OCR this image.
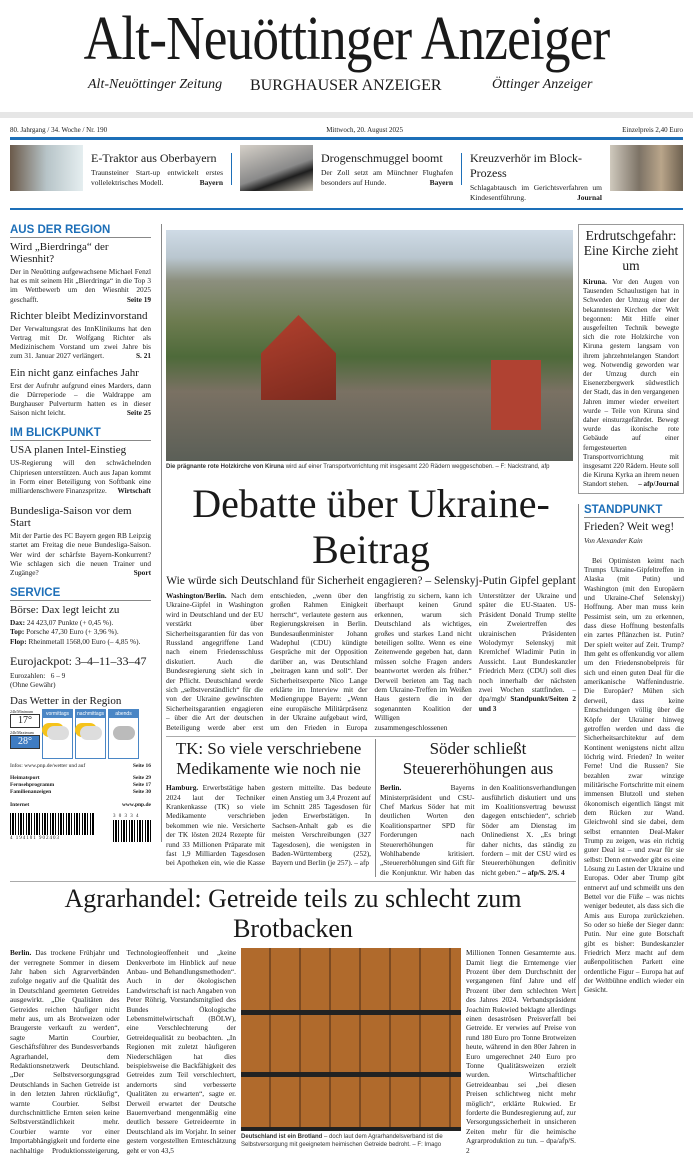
Alt-Neuöttinger Anzeiger
Alt-Neuöttinger Zeitung BURGHAUSER ANZEIGER	Öttinger Anzeiger
80. Jahrgang / 34. Woche / Nr. 190	Mittwoch, 20. August 2025	Einzelpreis 2,40 Euro
E-Traktor aus Oberbayern

Traunsteiner Start-up entwickelt erstes vollelektrisches Modell.	Bayern

Drogenschmuggel boomt

Der Zoll setzt am Münchner Flughafen besonders auf Hunde.	Bayern

Kreuzverhör im Block-Prozess

Schlagabtausch im Gerichtsverfahren um Kindesentführung.	Journal

AUS DER REGION
Wird „Bierdringa“ der Wiesnhit?

Der in Neuötting aufgewachsene Michael Fenzl hat es mit seinem Hit „Bierdringa“ in die Top 3 im Wettbewerb um den Wiesnhit 2025 geschafft.	Seite 19

Richter bleibt Medizinvorstand

Der Verwaltungsrat des InnKlinikums hat den Vertrag mit Dr. Wolfgang Richter als Medizinischem Vorstand um zwei Jahre bis zum 31. Januar 2027 verlängert.	S. 21

Ein nicht ganz einfaches Jahr

Erst der Aufruhr aufgrund eines Marders, dann die Dürreperiode – die Waldrappe am Burghauser Pulverturm hatten es in dieser Saison nicht leicht.	Seite 25

IM BLICKPUNKT
USA planen Intel-Einstieg

US-Regierung will den schwächelnden Chipriesen unterstützen. Auch aus Japan kommt in Form einer Beteiligung von Softbank eine milliardenschwere Finanzspritze. Wirtschaft

Bundesliga-Saison vor dem Start

Mit der Partie des FC Bayern gegen RB Leipzig startet am Freitag die neue Bundesliga-Saison. Wer wird der schärfste Bayern-Konkurrent? Wie schlagen sich die neuen Trainer und Zugänge?	Sport

SERVICE
Börse: Dax legt leicht zu
Dax: 24 423,07 Punkte (+ 0,45 %).
Top: Porsche 47,30 Euro (+ 3,96 %).
Flop: Rheinmetall 1568,00 Euro (– 4,85 %).
Eurojackpot: 3–4–11–33–47
Eurozahlen:   6 – 9
(Ohne Gewähr)
Das Wetter in der Region
24h/Minimum
17°
24h/Maximum
28°
vormittags	nachmittags	abends
Infos: www.pnp.de/wetter und auf	Seite 16
Heimatsport	Seite 29
Fernsehprogramm	Seite 17
Familienanzeigen	Seite 30
Internet	www.pnp.de
4 194101 902403
3 0 3 3 4
Die prägnante rote Holzkirche von Kiruna wird auf einer Transportvorrichtung mit insgesamt 220 Rädern weggeschoben. – F: Nackstrand, afp
Debatte über Ukraine-Beitrag
Wie würde sich Deutschland für Sicherheit engagieren? – Selenskyj-Putin Gipfel geplant
Washington/Berlin. Nach dem Ukraine-Gipfel in Washington wird in Deutschland und der EU verstärkt über Sicherheitsgarantien für das von Russland angegriffene Land nach einem Friedensschluss diskutiert. Auch die Bundesregierung sieht sich in der Pflicht. Deutschland werde sich „selbstverständlich“ für die von der Ukraine gewünschten Sicherheitsgarantien engagieren – über die Art der deutschen Beteiligung werde aber erst entschieden, „wenn über den großen Rahmen Einigkeit herrscht“, verlautete gestern aus Regierungskreisen in Berlin. Bundesaußenminister Johann Wadephul (CDU) kündigte Gespräche mit der Opposition darüber an, was Deutschland „beitragen kann und soll“. Der Sicherheitsexperte Nico Lange erklärte im Interview mit der Mediengruppe Bayern: „Wenn eine europäische Militärpräsenz in der Ukraine aufgebaut wird, um den Frieden in Europa langfristig zu sichern, kann ich überhaupt keinen Grund erkennen, warum sich Deutschland als wichtiges, großes und starkes Land nicht beteiligen sollte. Wenn es eine Zeitenwende gegeben hat, dann müssen solche Fragen anders beantwortet werden als früher.“ Derweil berieten am Tag nach dem Ukraine-Treffen im Weißen Haus gestern die in der sogenannten Koalition der Willigen zusammengeschlossenen Unterstützer der Ukraine und später die EU-Staaten. US-Präsident Donald Trump stellte ein Zweiertreffen des ukrainischen Präsidenten Wolodymyr Selenskyj mit Kremlchef Wladimir Putin in Aussicht. Laut Bundeskanzler Friedrich Merz (CDU) soll dies noch innerhalb der nächsten zwei Wochen stattfinden. – dpa/mgb/ Standpunkt/Seiten 2 und 3
TK: So viele verschriebene Medikamente wie noch nie
Hamburg. Erwerbstätige haben 2024 laut der Techniker Krankenkasse (TK) so viele Medikamente verschrieben bekommen wie nie. Versicherte der TK lösten 2024 Rezepte für rund 33 Millionen Präparate mit fast 1,9 Milliarden Tagesdosen bei Apotheken ein, wie die Kasse gestern mitteilte. Das bedeute einen Anstieg um 3,4 Prozent auf im Schnitt 285 Tagesdosen für jeden Erwerbstätigen. In Sachsen-Anhalt gab es die meisten Verschreibungen (327 Tagesdosen), die wenigsten in Baden-Württemberg (252), Bayern und Berlin (je 257). – afp
Söder schließt Steuererhöhungen aus
Berlin. Bayerns Ministerpräsident und CSU-Chef Markus Söder hat mit deutlichen Worten den Koalitionspartner SPD für Forderungen nach Steuererhöhungen für Wohlhabende kritisiert. „Steuererhöhungen sind Gift für die Konjunktur. Wir haben das in den Koalitionsverhandlungen ausführlich diskutiert und uns im Koalitionsvertrag bewusst dagegen entschieden“, schrieb Söder am Dienstag im Onlinedienst X. „Es bringt daher nichts, das ständig zu fordern – mit der CSU wird es Steuererhöhungen definitiv nicht geben.“ – afp/S. 2/S. 4
Agrarhandel: Getreide teils zu schlecht zum Brotbacken
Berlin. Das trockene Frühjahr und der verregnete Sommer in diesem Jahr haben sich Agrarverbänden zufolge negativ auf die Qualität des in Deutschland geernteten Getreides ausgewirkt. „Die Qualitäten des Getreides reichen häufiger nicht mehr aus, um als Brotweizen oder Braugerste verkauft zu werden“, sagte Martin Courbier, Geschäftsführer des Bundesverbands Agrarhandel, dem Redaktionsnetzwerk Deutschland. „Der Selbstversorgungsgrad Deutschlands in Sachen Getreide ist in den letzten Jahren rückläufig“, warnte Courbier. Selbst durchschnittliche Ernten seien keine Selbstverständlichkeit mehr. Courbier warnte vor einer Importabhängigkeit und forderte eine nachhaltige Produktionssteigerung, Technologieoffenheit und „keine Denkverbote im Hinblick auf neue Anbau- und Behandlungsmethoden“. Auch in der ökologischen Landwirtschaft ist nach Angaben von Peter Röhrig, Vorstandsmitglied des Bundes Ökologische Lebensmittelwirtschaft (BÖLW), eine Verschlechterung der Getreidequalität zu beobachten. „In Regionen mit zuletzt häufigeren Niederschlägen hat dies beispielsweise die Backfähigkeit des Getreides zum Teil verschlechtert, andernorts sind verbesserte Qualitäten zu erwarten“, sagte er. Derweil erwartet der Deutsche Bauernverband mengenmäßig eine deutlich bessere Getreideernte in Deutschland als im Vorjahr. In seiner gestern vorgestellten Ernteschätzung geht er von 43,5
Deutschland ist ein Brotland – doch laut dem Agrarhandelsverband ist die Selbstversorgung mit geeignetem heimischen Getreide bedroht. – F: Imago
Millionen Tonnen Gesamternte aus. Damit liegt die Erntemenge vier Prozent über dem Durchschnitt der vergangenen fünf Jahre und elf Prozent über dem schlechten Wert des Jahres 2024. Verbandspräsident Joachim Rukwied beklagte allerdings einen desaströsen Preisverfall bei Getreide. Er verwies auf Preise von rund 180 Euro pro Tonne Brotweizen heute, während in den 80er Jahren in Euro umgerechnet 240 Euro pro Tonne Qualitätsweizen erzielt wurden. Wirtschaftlicher Getreideanbau sei „bei diesen Preisen schlichtweg nicht mehr möglich“, erklärte Rukwied. Er forderte die Bundesregierung auf, zur Versorgungssicherheit in unsicheren Zeiten mehr für die heimische Agrarproduktion zu tun. – dpa/afp/S. 2
Erdrutschgefahr: Eine Kirche zieht um

Kiruna. Vor den Augen von Tausenden Schaulustigen hat in Schweden der Umzug einer der bekanntesten Kirchen der Welt begonnen: Mit Hilfe einer ausgefeilten Technik bewegte sich die rote Holzkirche von Kiruna gestern langsam von ihrem jahrzehntelangen Standort weg. Notwendig geworden war der Umzug durch ein Eisenerzbergwerk südwestlich der Stadt, das in den vergangenen Jahren immer wieder erweitert wurde – Teile von Kiruna sind daher einsturzgefährdet. Bewegt wurde das ikonische rote Gebäude auf einer ferngesteuerten Transportvorrichtung mit insgesamt 220 Rädern. Heute soll die Kiruna Kyrka an ihrem neuen Standort stehen. – afp/Journal

STANDPUNKT
Frieden? Weit weg!
Von Alexander Kain

Bei Optimisten keimt nach Trumps Ukraine-Gipfeltreffen in Alaska (mit Putin) und Washington (mit den Europäern und Ukraine-Chef Selenskyj) Hoffnung. Aber man muss kein Pessimist sein, um zu erkennen, dass diese Hoffnung bestenfalls ein zartes Pflänzchen ist. Putin? Der spielt weiter auf Zeit. Trump? Ihm geht es offenkundig vor allem um den Friedensnobelpreis für sich und einen guten Deal für die amerikanische Waffenindustrie. Die Europäer? Mühen sich derweil, dass keine Entscheidungen völlig über die Köpfe der Ukrainer hinweg getroffen werden und dass die Sicherheitsarchitektur auf dem Kontinent wenigstens nicht allzu löchrig wird. Frieden? In weiter Ferne! Und die Russen? Sie bezahlen zwar winzige militärische Fortschritte mit einem immensen Blutzoll und stehen ökonomisch eigentlich längst mit dem Rücken zur Wand. Gleichwohl sind sie dabei, dem selbst ernannten Deal-Maker Trump zu zeigen, was ein richtig guter Deal ist – und zwar für sie selbst: Denn entweder gibt es eine Lösung zu Lasten der Ukraine und Europas. Oder aber Trump gibt entnervt auf und schmeißt uns den Bettel vor die Füße – was nichts weniger bedeutet, als dass sich die Amis aus Europa zurückziehen. So oder so hieße der Sieger dann: Putin. Nur eine gute Botschaft gibt es bisher: Bundeskanzler Friedrich Merz macht auf dem außenpolitischen Parkett eine ordentliche Figur – Europa hat auf der Weltbühne endlich wieder ein Gesicht.
